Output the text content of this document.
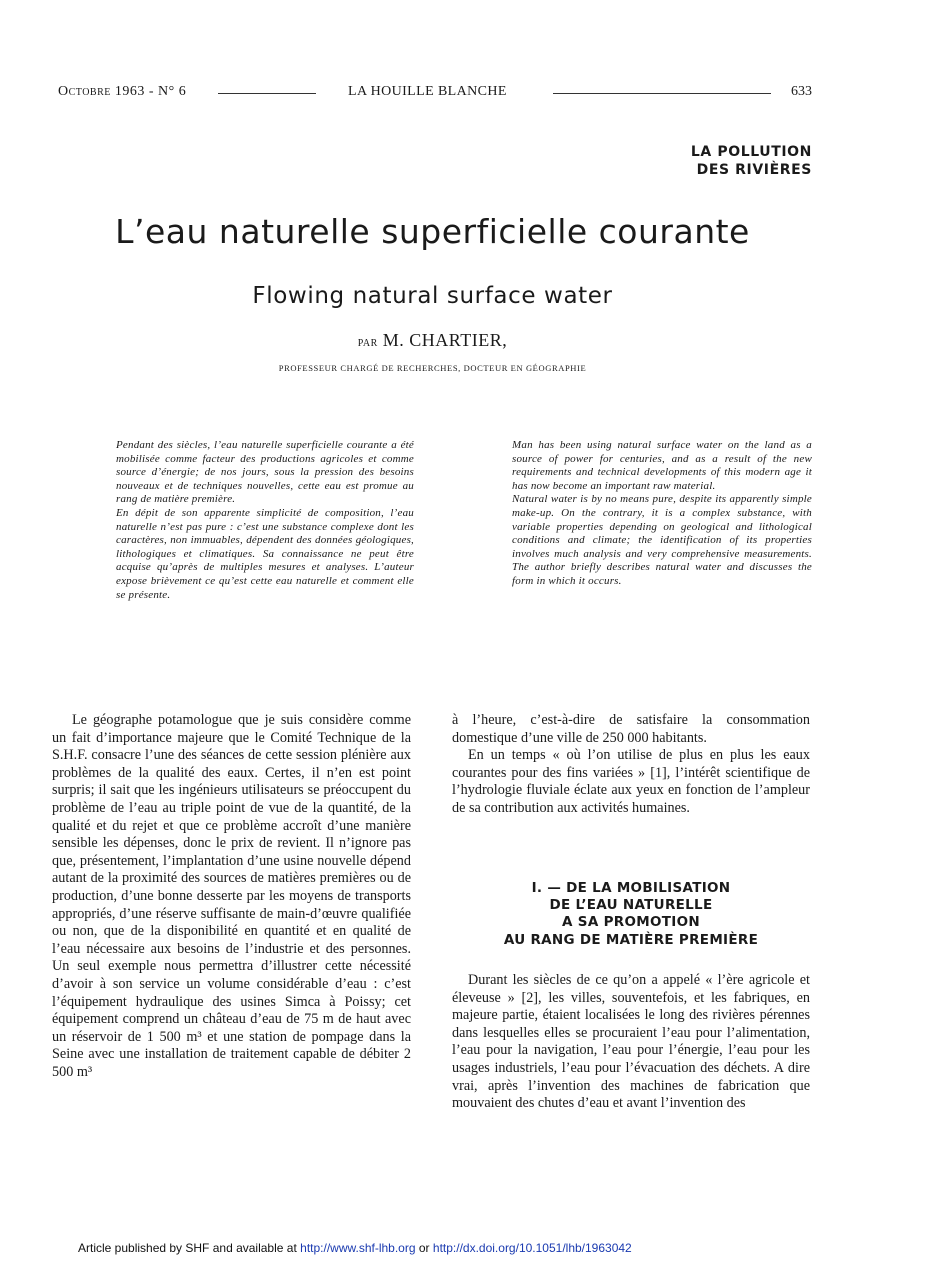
Octobre 1963 - N° 6	LA HOUILLE BLANCHE	633
LA POLLUTION
DES RIVIÈRES
L’eau naturelle superficielle courante
Flowing natural surface water
par M. CHARTIER,
PROFESSEUR CHARGÉ DE RECHERCHES, DOCTEUR EN GÉOGRAPHIE

Pendant des siècles, l’eau naturelle superficielle courante a été mobilisée comme facteur des productions agricoles et comme source d’énergie; de nos jours, sous la pression des besoins nouveaux et de techniques nouvelles, cette eau est promue au rang de matière première.

En dépit de son apparente simplicité de composition, l’eau naturelle n’est pas pure : c’est une substance complexe dont les caractères, non immuables, dépendent des données géologiques, lithologiques et climatiques. Sa connaissance ne peut être acquise qu’après de multiples mesures et analyses. L’auteur expose brièvement ce qu’est cette eau naturelle et comment elle se présente.

Man has been using natural surface water on the land as a source of power for centuries, and as a result of the new requirements and technical developments of this modern age it has now become an important raw material.

Natural water is by no means pure, despite its apparently simple make-up. On the contrary, it is a complex substance, with variable properties depending on geological and lithological conditions and climate; the identification of its properties involves much analysis and very comprehensive measurements. The author briefly describes natural water and discusses the form in which it occurs.

Le géographe potamologue que je suis considère comme un fait d’importance majeure que le Comité Technique de la S.H.F. consacre l’une des séances de cette session plénière aux problèmes de la qualité des eaux. Certes, il n’en est point surpris; il sait que les ingénieurs utilisateurs se préoccupent du problème de l’eau au triple point de vue de la quantité, de la qualité et du rejet et que ce problème accroît d’une manière sensible les dépenses, donc le prix de revient. Il n’ignore pas que, présentement, l’implantation d’une usine nouvelle dépend autant de la proximité des sources de matières premières ou de production, d’une bonne desserte par les moyens de transports appropriés, d’une réserve suffisante de main-d’œuvre qualifiée ou non, que de la disponibilité en quantité et en qualité de l’eau nécessaire aux besoins de l’industrie et des personnes. Un seul exemple nous permettra d’illustrer cette nécessité d’avoir à son service un volume considérable d’eau : c’est l’équipement hydraulique des usines Simca à Poissy; cet équipement comprend un château d’eau de 75 m de haut avec un réservoir de 1 500 m³ et une station de pompage dans la Seine avec une installation de traitement capable de débiter 2 500 m³

à l’heure, c’est-à-dire de satisfaire la consommation domestique d’une ville de 250 000 habitants.

En un temps « où l’on utilise de plus en plus les eaux courantes pour des fins variées » [1], l’intérêt scientifique de l’hydrologie fluviale éclate aux yeux en fonction de l’ampleur de sa contribution aux activités humaines.

I. — DE LA MOBILISATION
DE L’EAU NATURELLE
A SA PROMOTION
AU RANG DE MATIÈRE PREMIÈRE

Durant les siècles de ce qu’on a appelé « l’ère agricole et éleveuse » [2], les villes, souventefois, et les fabriques, en majeure partie, étaient localisées le long des rivières pérennes dans lesquelles elles se procuraient l’eau pour l’alimentation, l’eau pour la navigation, l’eau pour l’énergie, l’eau pour les usages industriels, l’eau pour l’évacuation des déchets. A dire vrai, après l’invention des machines de fabrication que mouvaient des chutes d’eau et avant l’invention des

Article published by SHF and available at http://www.shf-lhb.org or http://dx.doi.org/10.1051/lhb/1963042
